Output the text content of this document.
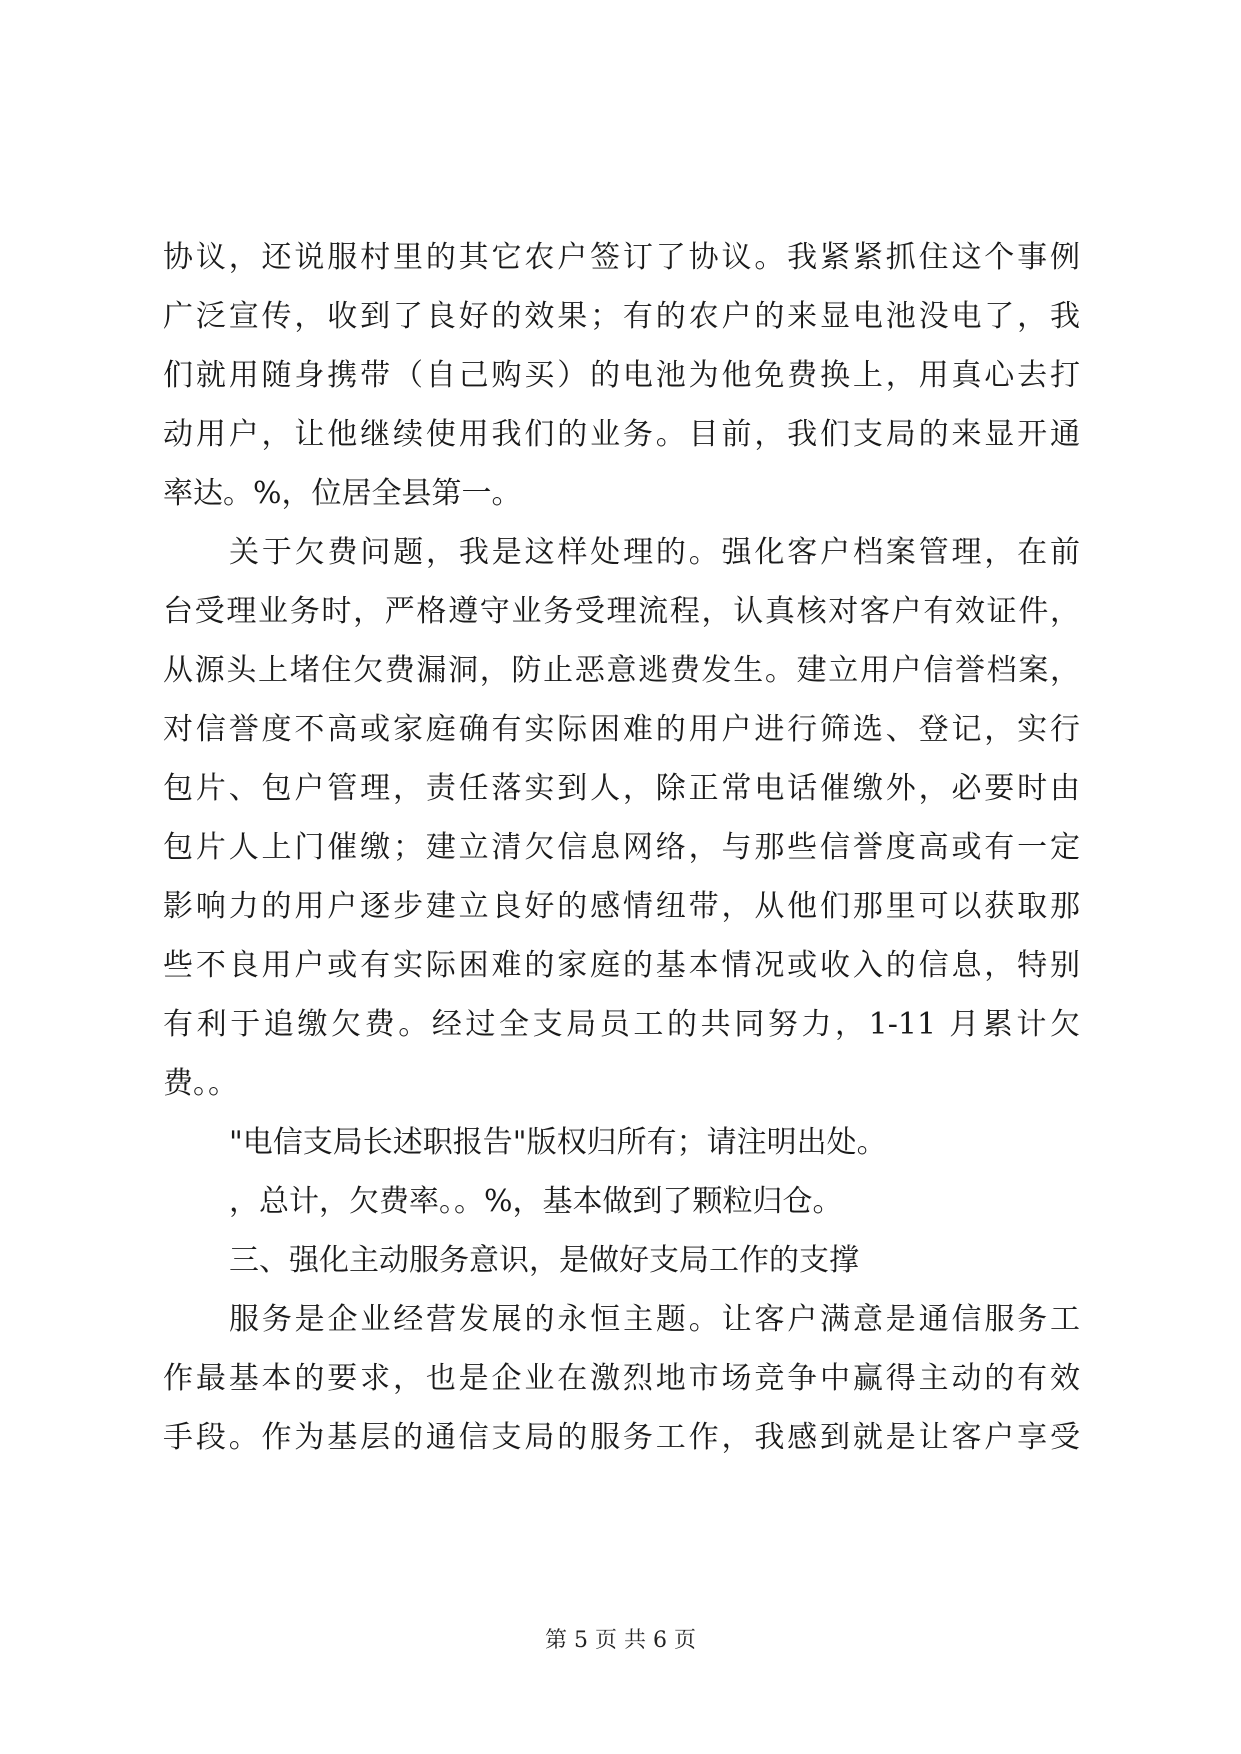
协议，还说服村里的其它农户签订了协议。我紧紧抓住这个事例
广泛宣传，收到了良好的效果；有的农户的来显电池没电了，我
们就用随身携带（自己购买）的电池为他免费换上，用真心去打
动用户，让他继续使用我们的业务。目前，我们支局的来显开通
率达。%，位居全县第一。
关于欠费问题，我是这样处理的。强化客户档案管理，在前
台受理业务时，严格遵守业务受理流程，认真核对客户有效证件，
从源头上堵住欠费漏洞，防止恶意逃费发生。建立用户信誉档案，
对信誉度不高或家庭确有实际困难的用户进行筛选、登记，实行
包片、包户管理，责任落实到人，除正常电话催缴外，必要时由
包片人上门催缴；建立清欠信息网络，与那些信誉度高或有一定
影响力的用户逐步建立良好的感情纽带，从他们那里可以获取那
些不良用户或有实际困难的家庭的基本情况或收入的信息，特别
有利于追缴欠费。经过全支局员工的共同努力，1-11 月累计欠
费。。
"电信支局长述职报告"版权归所有；请注明出处。
，总计，欠费率。。%，基本做到了颗粒归仓。
三、强化主动服务意识，是做好支局工作的支撑
服务是企业经营发展的永恒主题。让客户满意是通信服务工
作最基本的要求，也是企业在激烈地市场竞争中赢得主动的有效
手段。作为基层的通信支局的服务工作，我感到就是让客户享受
第 5 页 共 6 页
